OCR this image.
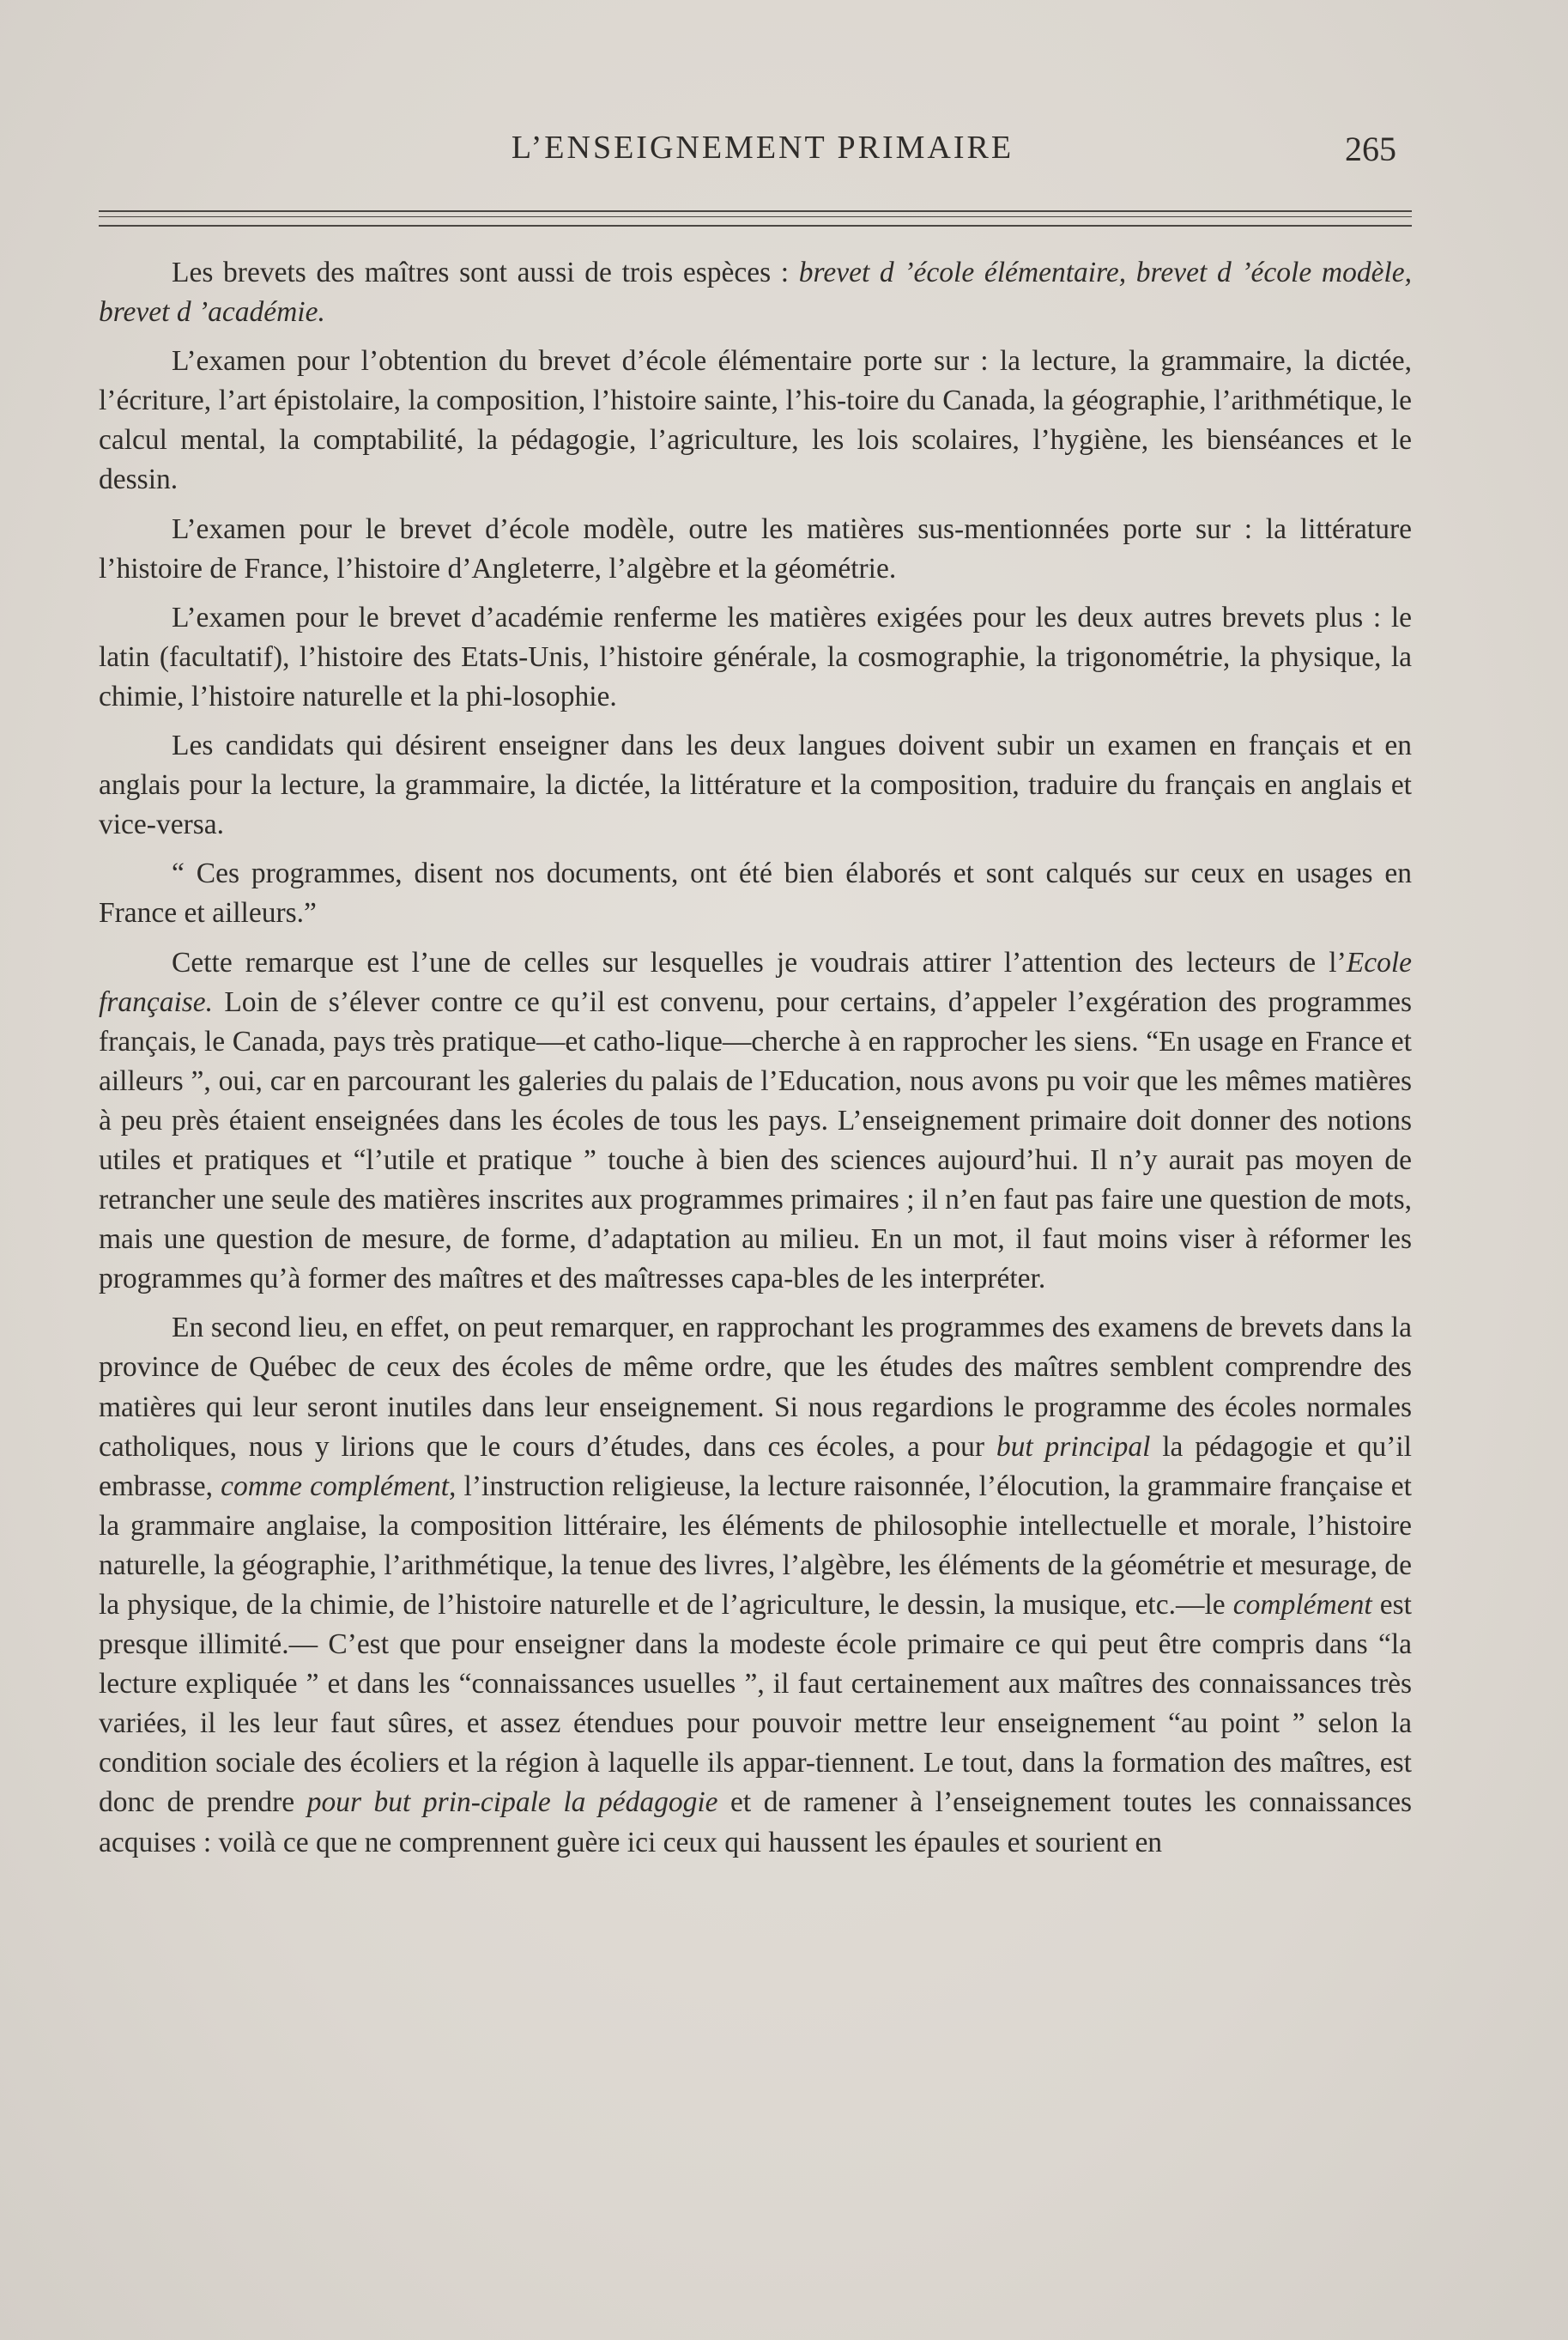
L’ENSEIGNEMENT PRIMAIRE	265

Les brevets des maîtres sont aussi de trois espèces : brevet d ’école élémentaire, brevet d ’école modèle, brevet d ’académie.

L’examen pour l’obtention du brevet d’école élémentaire porte sur : la lecture, la grammaire, la dictée, l’écriture, l’art épistolaire, la composition, l’histoire sainte, l’his-toire du Canada, la géographie, l’arithmétique, le calcul mental, la comptabilité, la pédagogie, l’agriculture, les lois scolaires, l’hygiène, les bienséances et le dessin.

L’examen pour le brevet d’école modèle, outre les matières sus-mentionnées porte sur : la littérature l’histoire de France, l’histoire d’Angleterre, l’algèbre et la géométrie.

L’examen pour le brevet d’académie renferme les matières exigées pour les deux autres brevets plus : le latin (facultatif), l’histoire des Etats-Unis, l’histoire générale, la cosmographie, la trigonométrie, la physique, la chimie, l’histoire naturelle et la phi-losophie.

Les candidats qui désirent enseigner dans les deux langues doivent subir un examen en français et en anglais pour la lecture, la grammaire, la dictée, la littérature et la composition, traduire du français en anglais et vice-versa.

“ Ces programmes, disent nos documents, ont été bien élaborés et sont calqués sur ceux en usages en France et ailleurs.”

Cette remarque est l’une de celles sur lesquelles je voudrais attirer l’attention des lecteurs de l’Ecole française. Loin de s’élever contre ce qu’il est convenu, pour certains, d’appeler l’exgération des programmes français, le Canada, pays très pratique—et catho-lique—cherche à en rapprocher les siens. “En usage en France et ailleurs ”, oui, car en parcourant les galeries du palais de l’Education, nous avons pu voir que les mêmes matières à peu près étaient enseignées dans les écoles de tous les pays. L’enseignement primaire doit donner des notions utiles et pratiques et “l’utile et pratique ” touche à bien des sciences aujourd’hui. Il n’y aurait pas moyen de retrancher une seule des matières inscrites aux programmes primaires ; il n’en faut pas faire une question de mots, mais une question de mesure, de forme, d’adaptation au milieu. En un mot, il faut moins viser à réformer les programmes qu’à former des maîtres et des maîtresses capa-bles de les interpréter.

En second lieu, en effet, on peut remarquer, en rapprochant les programmes des examens de brevets dans la province de Québec de ceux des écoles de même ordre, que les études des maîtres semblent comprendre des matières qui leur seront inutiles dans leur enseignement. Si nous regardions le programme des écoles normales catholiques, nous y lirions que le cours d’études, dans ces écoles, a pour but principal la pédagogie et qu’il embrasse, comme complément, l’instruction religieuse, la lecture raisonnée, l’élocution, la grammaire française et la grammaire anglaise, la composition littéraire, les éléments de philosophie intellectuelle et morale, l’histoire naturelle, la géographie, l’arithmétique, la tenue des livres, l’algèbre, les éléments de la géométrie et mesurage, de la physique, de la chimie, de l’histoire naturelle et de l’agriculture, le dessin, la musique, etc.—le complément est presque illimité.— C’est que pour enseigner dans la modeste école primaire ce qui peut être compris dans “la lecture expliquée ” et dans les “connaissances usuelles ”, il faut certainement aux maîtres des connaissances très variées, il les leur faut sûres, et assez étendues pour pouvoir mettre leur enseignement “au point ” selon la condition sociale des écoliers et la région à laquelle ils appar-tiennent. Le tout, dans la formation des maîtres, est donc de prendre pour but prin-cipale la pédagogie et de ramener à l’enseignement toutes les connaissances acquises : voilà ce que ne comprennent guère ici ceux qui haussent les épaules et sourient en
